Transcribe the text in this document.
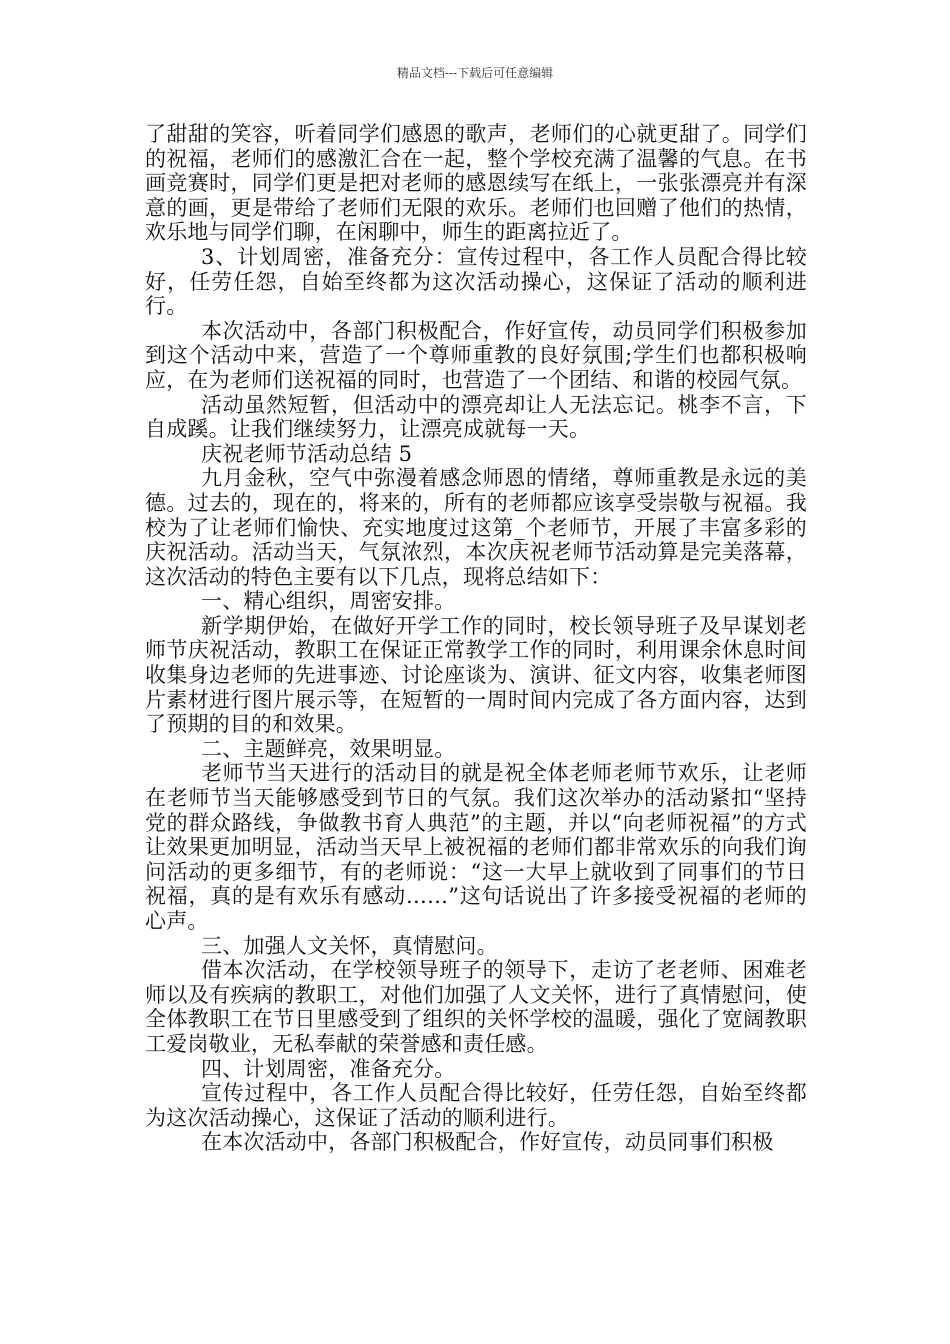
精品文档---下载后可任意编辑

了甜甜的笑容，听着同学们感恩的歌声，老师们的心就更甜了。同学们的祝福，老师们的感激汇合在一起，整个学校充满了温馨的气息。在书画竞赛时，同学们更是把对老师的感恩续写在纸上，一张张漂亮并有深意的画，更是带给了老师们无限的欢乐。老师们也回赠了他们的热情，欢乐地与同学们聊，在闲聊中，师生的距离拉近了。

3、计划周密，准备充分：宣传过程中，各工作人员配合得比较好，任劳任怨，自始至终都为这次活动操心，这保证了活动的顺利进行。

本次活动中，各部门积极配合，作好宣传，动员同学们积极参加到这个活动中来，营造了一个尊师重教的良好氛围;学生们也都积极响应，在为老师们送祝福的同时，也营造了一个团结、和谐的校园气氛。

活动虽然短暂，但活动中的漂亮却让人无法忘记。桃李不言，下自成蹊。让我们继续努力，让漂亮成就每一天。

庆祝老师节活动总结 5

九月金秋，空气中弥漫着感念师恩的情绪，尊师重教是永远的美德。过去的，现在的，将来的，所有的老师都应该享受崇敬与祝福。我校为了让老师们愉快、充实地度过这第_个老师节，开展了丰富多彩的庆祝活动。活动当天，气氛浓烈，本次庆祝老师节活动算是完美落幕，这次活动的特色主要有以下几点，现将总结如下：

一、精心组织，周密安排。

新学期伊始，在做好开学工作的同时，校长领导班子及早谋划老师节庆祝活动，教职工在保证正常教学工作的同时，利用课余休息时间收集身边老师的先进事迹、讨论座谈为、演讲、征文内容，收集老师图片素材进行图片展示等，在短暂的一周时间内完成了各方面内容，达到了预期的目的和效果。

二、主题鲜亮，效果明显。

老师节当天进行的活动目的就是祝全体老师老师节欢乐，让老师在老师节当天能够感受到节日的气氛。我们这次举办的活动紧扣“坚持党的群众路线，争做教书育人典范”的主题，并以“向老师祝福”的方式让效果更加明显，活动当天早上被祝福的老师们都非常欢乐的向我们询问活动的更多细节，有的老师说：“这一大早上就收到了同事们的节日祝福，真的是有欢乐有感动……”这句话说出了许多接受祝福的老师的心声。

三、加强人文关怀，真情慰问。

借本次活动，在学校领导班子的领导下，走访了老老师、困难老师以及有疾病的教职工，对他们加强了人文关怀，进行了真情慰问，使全体教职工在节日里感受到了组织的关怀学校的温暖，强化了宽阔教职工爱岗敬业，无私奉献的荣誉感和责任感。

四、计划周密，准备充分。

宣传过程中，各工作人员配合得比较好，任劳任怨，自始至终都为这次活动操心，这保证了活动的顺利进行。

在本次活动中，各部门积极配合，作好宣传，动员同事们积极
